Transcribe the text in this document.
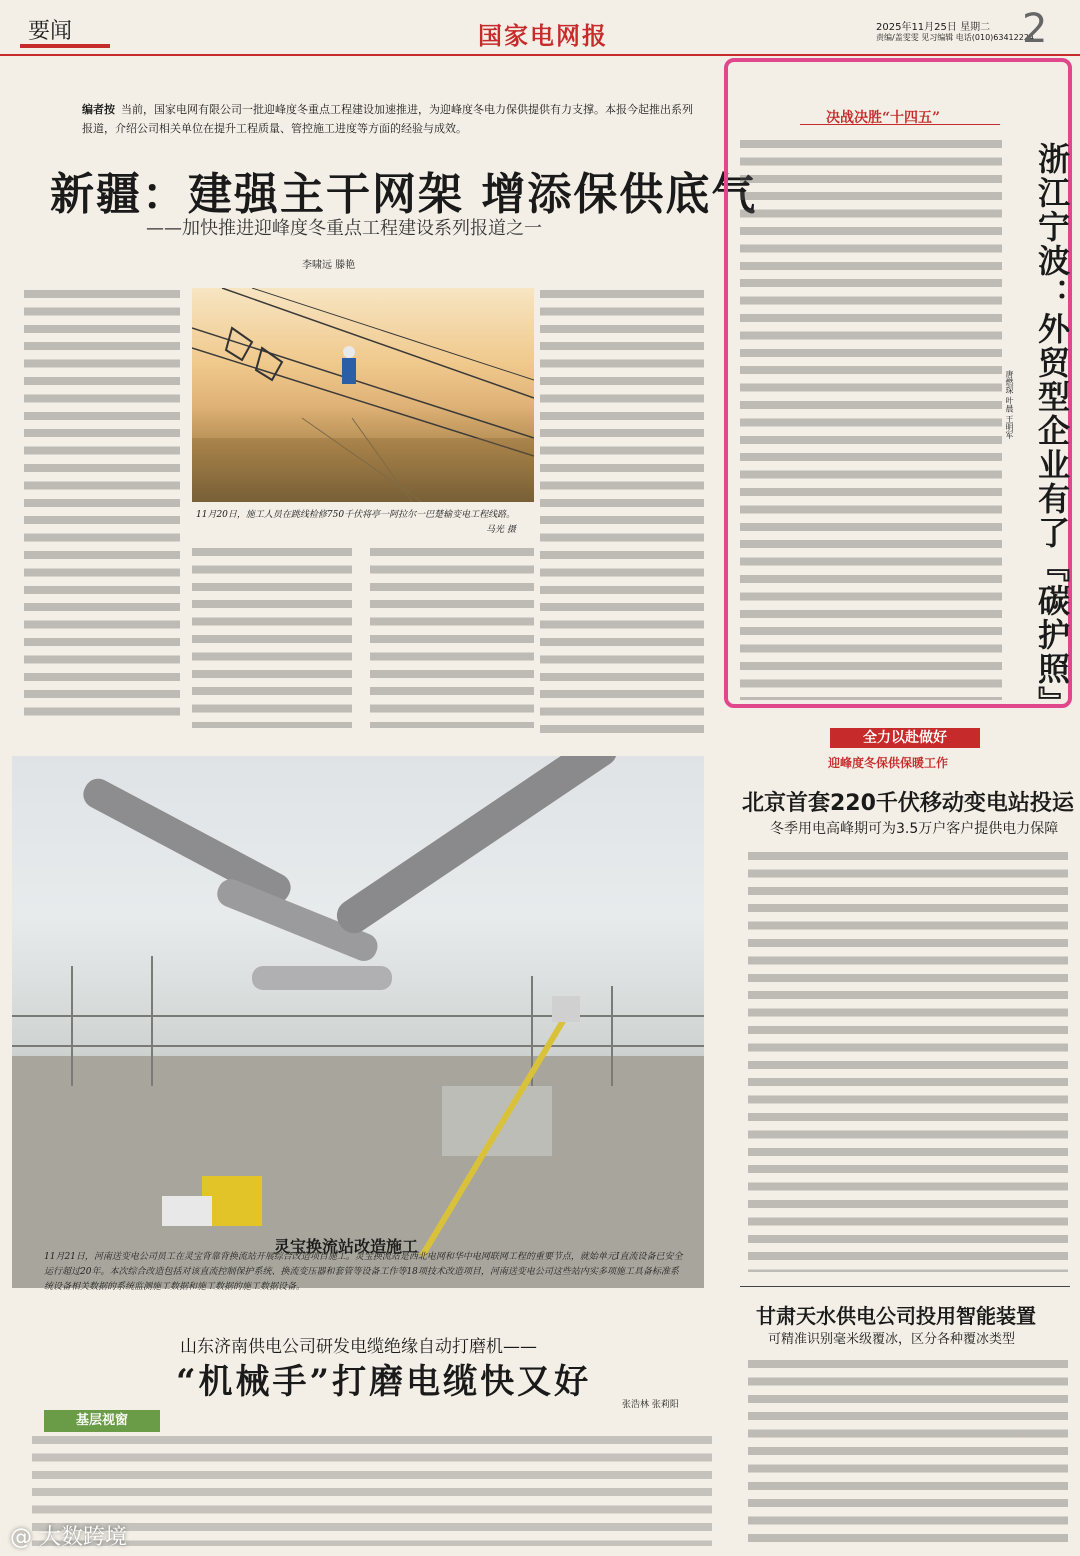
要闻	国家电网报	2025年11月25日 星期二
责编/盖雯雯 见习编辑 电话(010)63412224
2
编者按 当前，国家电网有限公司一批迎峰度冬重点工程建设加速推进，为迎峰度冬电力保供提供有力支撑。本报今起推出系列报道，介绍公司相关单位在提升工程质量、管控施工进度等方面的经验与成效。
新疆：建强主干网架 增添保供底气
——加快推进迎峰度冬重点工程建设系列报道之一
李啸远 滕艳
11月20日，施工人员在跳线检修750千伏将亭一阿拉尔一巴楚输变电工程线路。
马光 摄
灵宝换流站改造施工
11月21日，河南送变电公司员工在灵宝背靠背换流站开展综合改造项目施工。灵宝换流站是西北电网和华中电网联网工程的重要节点，就始单元Ⅰ直流设备已安全运行超过20年。本次综合改造包括对该直流控制保护系统、换流变压器和套管等设备工作等18项技术改造项目，河南送变电公司这些站内实多项施工具备标准系统设备相关数据的系统监测施工数据和施工数据的施工数据设备。
山东济南供电公司研发电缆绝缘自动打磨机——
“机械手”打磨电缆快又好
张浩林 张莉阳
基层视窗
决战决胜“十四五”
浙江宁波：外贸型企业有了『碳护照』
唐燃琛 叶晨 王明军
全力以赴做好
迎峰度冬保供保暖工作
北京首套220千伏移动变电站投运
冬季用电高峰期可为3.5万户客户提供电力保障
甘肃天水供电公司投用智能装置
可精准识别毫米级覆冰，区分各种覆冰类型
@ 大数跨境
